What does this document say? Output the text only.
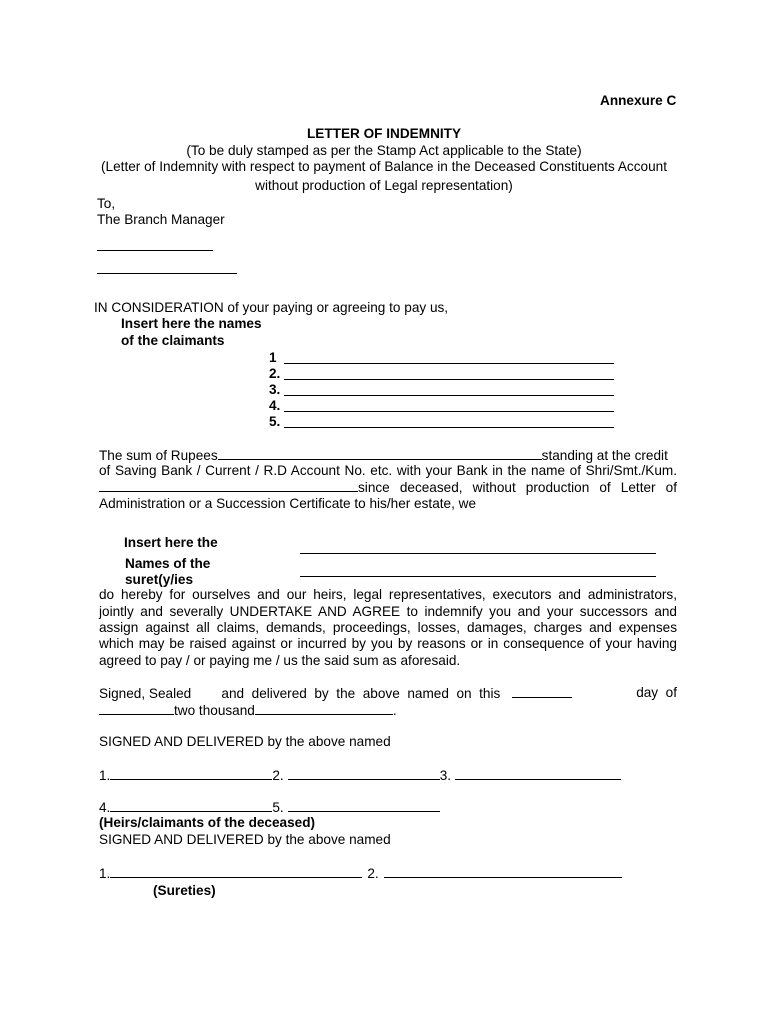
Annexure C
LETTER OF INDEMNITY
(To be duly stamped as per the Stamp Act applicable to the State)
(Letter of Indemnity with respect to payment of Balance in the Deceased Constituents Account
without production of Legal representation)
To,
The Branch Manager
IN CONSIDERATION of your paying or agreeing to pay us,
Insert here the names
of the claimants
1
2.
3.
4.
5.
The sum of Rupees	standing at the credit
of Saving Bank / Current / R.D Account No. etc. with your Bank in the name of Shri/Smt./Kum.
since deceased, without production of Letter of
Administration or a Succession Certificate to his/her estate, we
Insert here the
Names of the
suret(y/ies
do hereby for ourselves and our heirs, legal representatives, executors and administrators,
jointly and severally UNDERTAKE AND AGREE to indemnify you and your successors and
assign against all claims, demands, proceedings, losses, damages, charges and expenses
which may be raised against or incurred by you by reasons or in consequence of your having
agreed to pay / or paying me / us the said sum as aforesaid.
Signed, Sealed        and  delivered  by  the  above  named  on  this	day  of
two thousand	.
SIGNED AND DELIVERED by the above named
1.	2.	3.
4.	5.
(Heirs/claimants of the deceased)
SIGNED AND DELIVERED by the above named
1.	2.
(Sureties)
